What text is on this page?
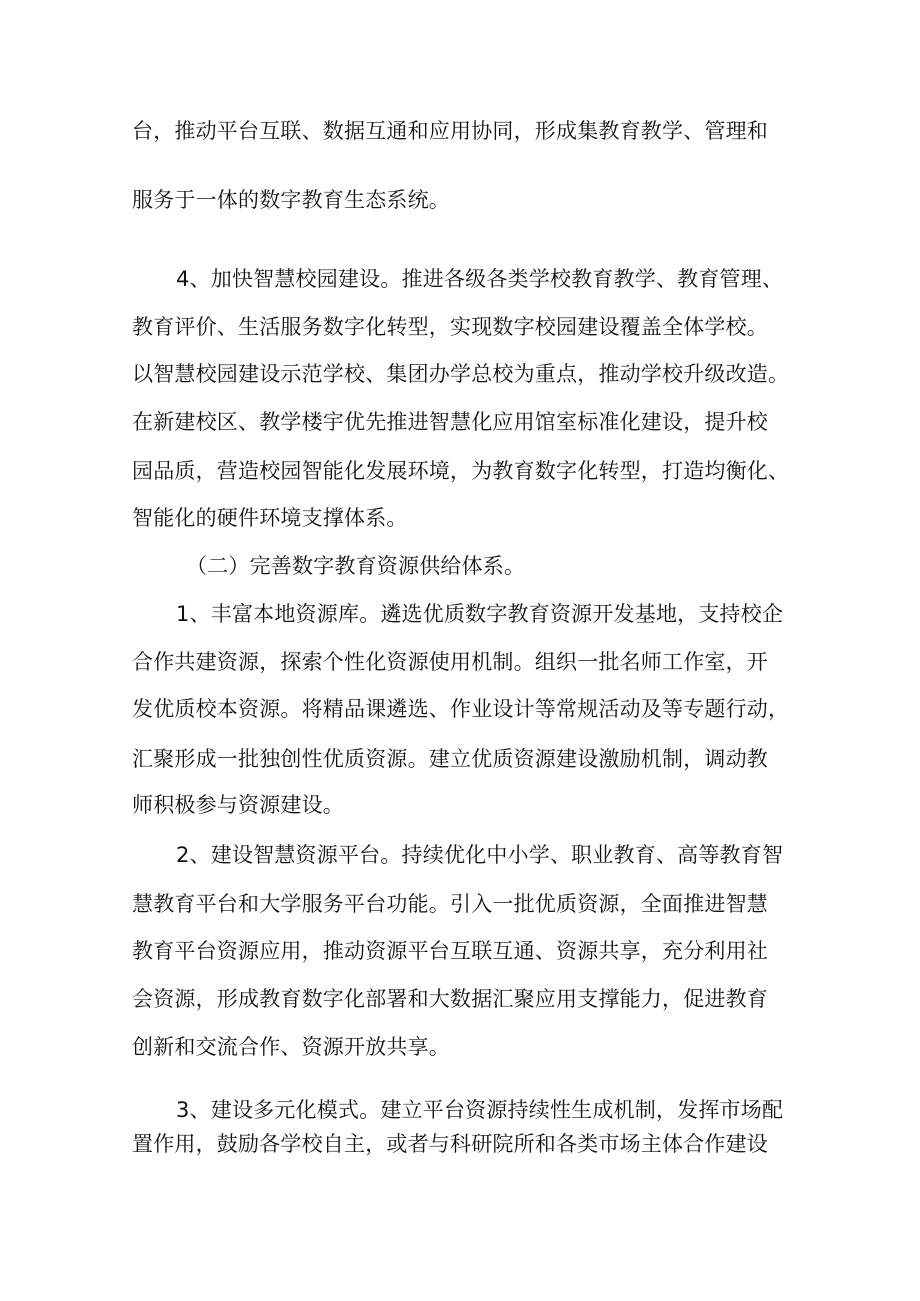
台，推动平台互联、数据互通和应用协同，形成集教育教学、管理和
服务于一体的数字教育生态系统。
4、加快智慧校园建设。推进各级各类学校教育教学、教育管理、
教育评价、生活服务数字化转型，实现数字校园建设覆盖全体学校。
以智慧校园建设示范学校、集团办学总校为重点，推动学校升级改造。
在新建校区、教学楼宇优先推进智慧化应用馆室标准化建设，提升校
园品质，营造校园智能化发展环境，为教育数字化转型，打造均衡化、
智能化的硬件环境支撑体系。
（二）完善数字教育资源供给体系。
1、丰富本地资源库。遴选优质数字教育资源开发基地，支持校企
合作共建资源，探索个性化资源使用机制。组织一批名师工作室，开
发优质校本资源。将精品课遴选、作业设计等常规活动及等专题行动，
汇聚形成一批独创性优质资源。建立优质资源建设激励机制，调动教
师积极参与资源建设。
2、建设智慧资源平台。持续优化中小学、职业教育、高等教育智
慧教育平台和大学服务平台功能。引入一批优质资源，全面推进智慧
教育平台资源应用，推动资源平台互联互通、资源共享，充分利用社
会资源，形成教育数字化部署和大数据汇聚应用支撑能力，促进教育
创新和交流合作、资源开放共享。
3、建设多元化模式。建立平台资源持续性生成机制，发挥市场配
置作用，鼓励各学校自主，或者与科研院所和各类市场主体合作建设
